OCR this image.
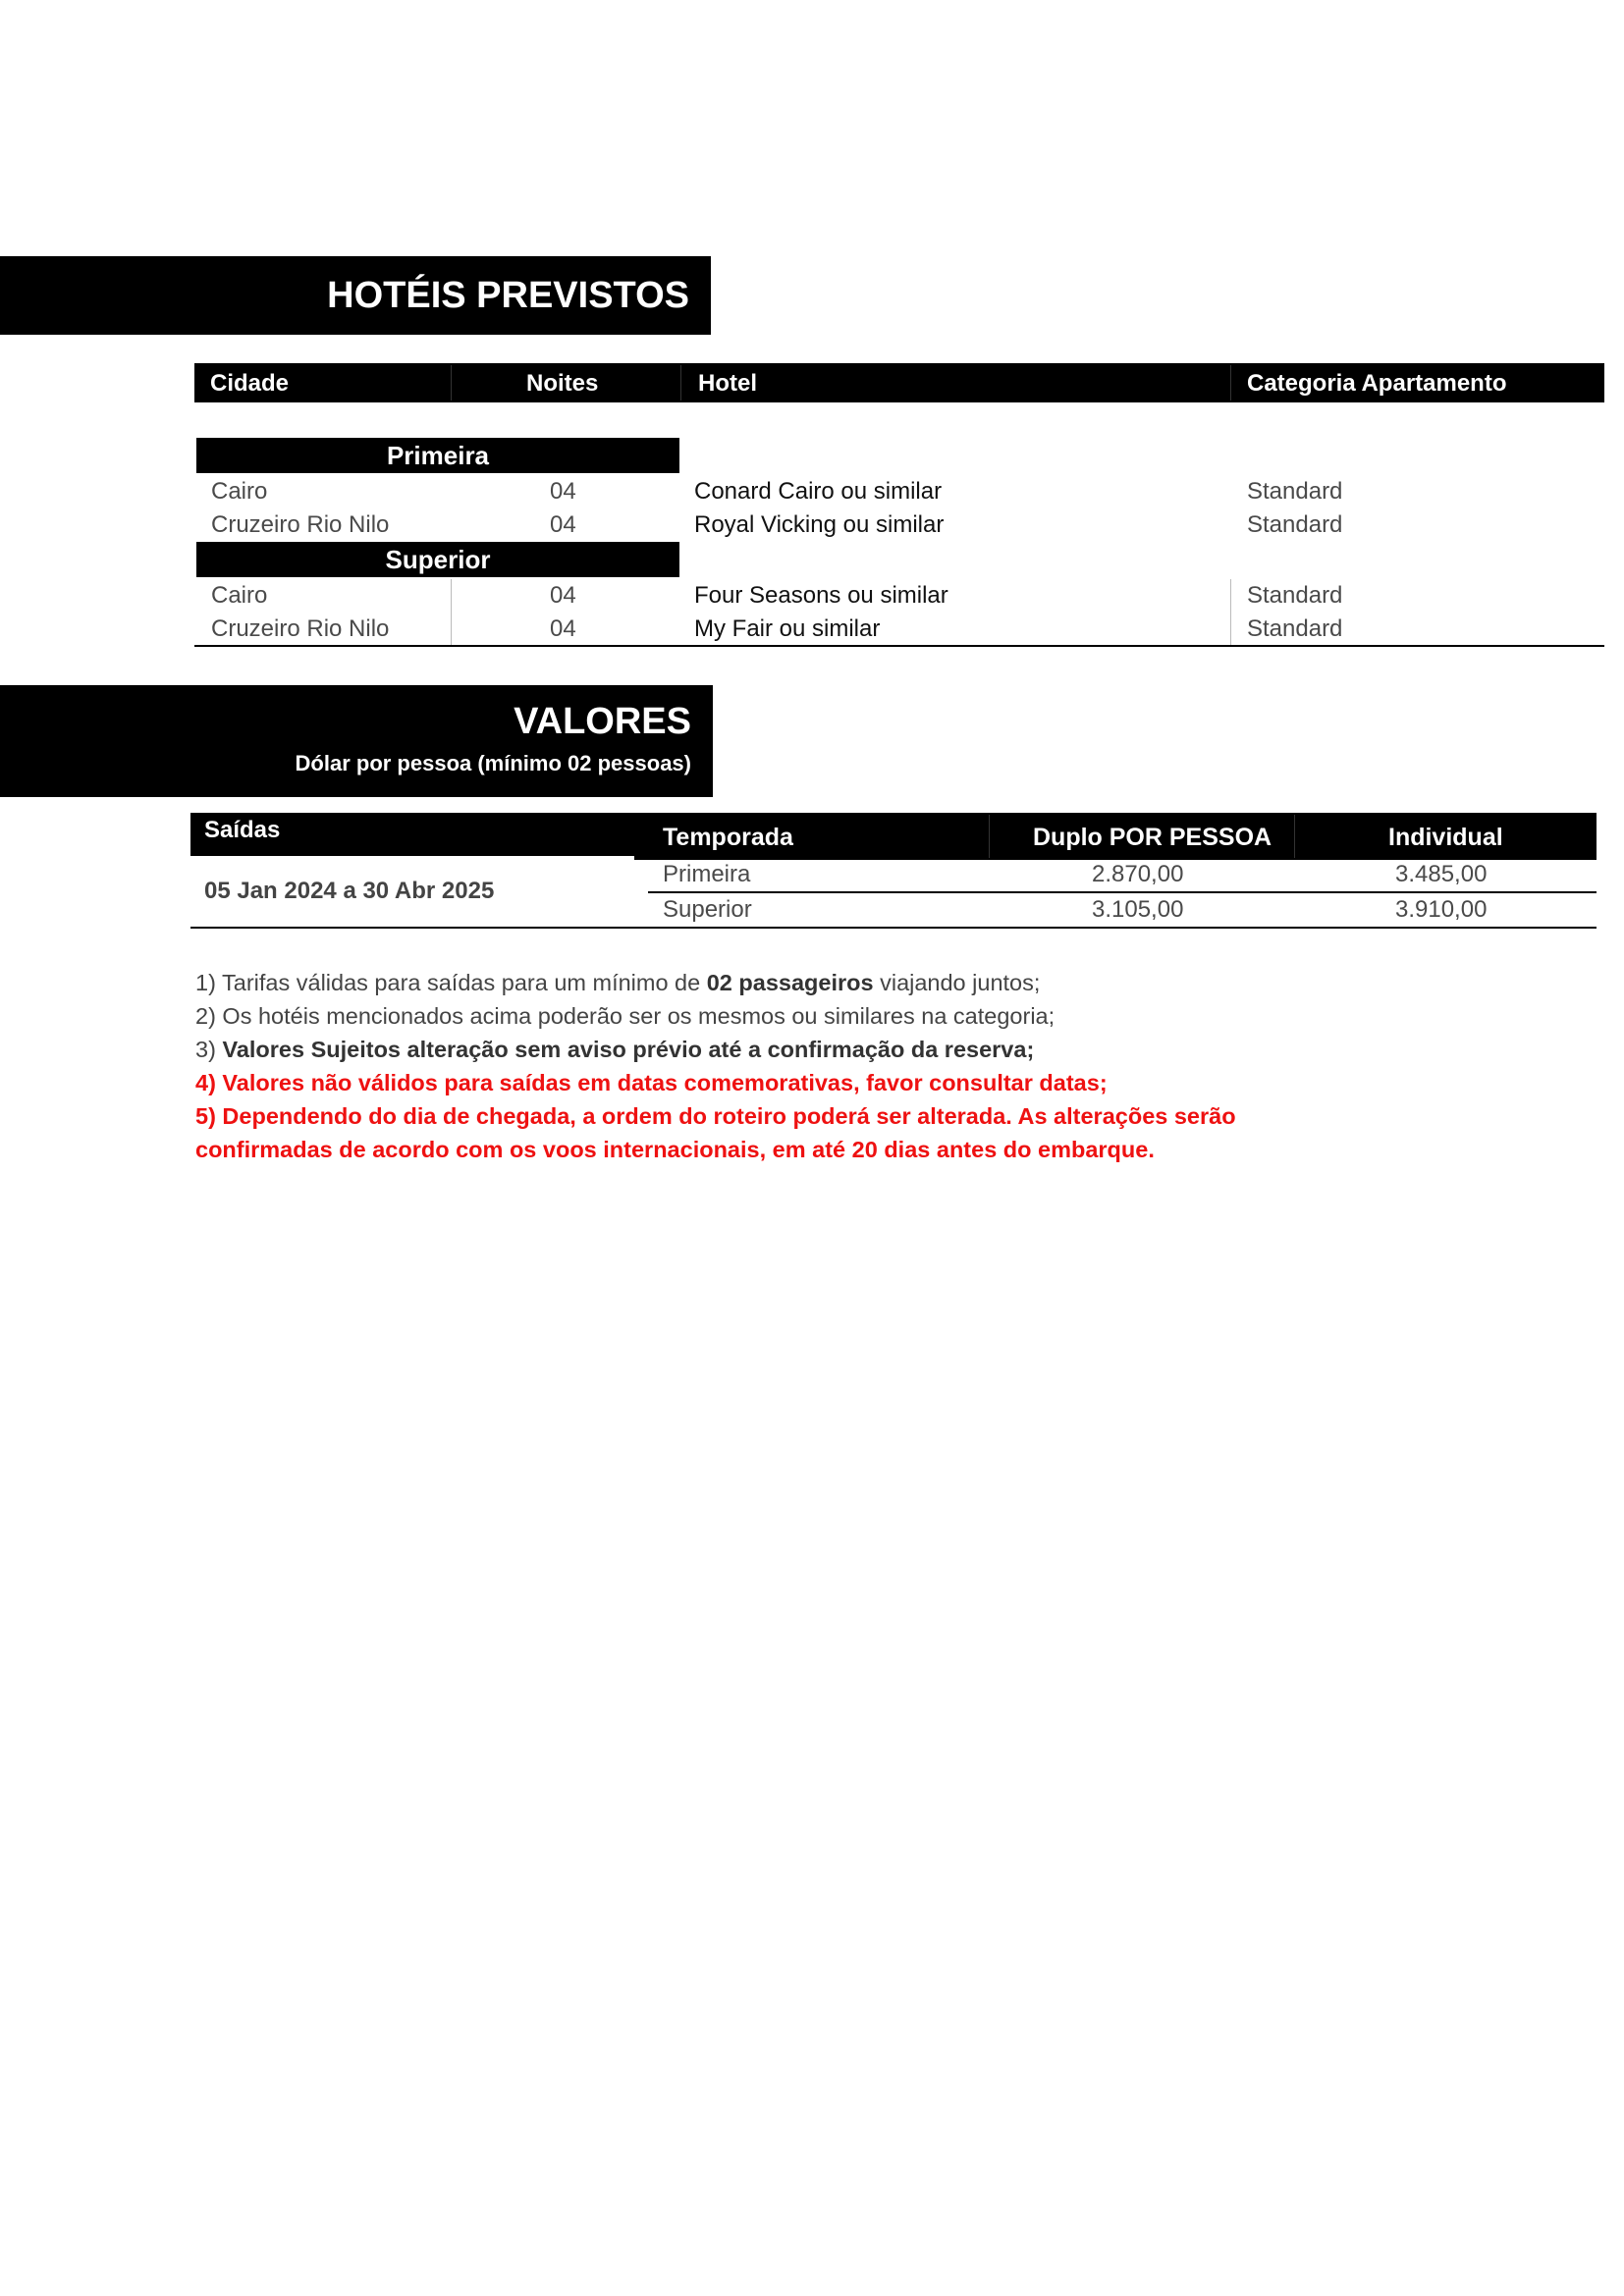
HOTÉIS PREVISTOS
Cidade	Noites	Hotel	Categoria Apartamento
Primeira
Cairo	04	Conard Cairo ou similar	Standard
Cruzeiro Rio Nilo	04	Royal Vicking ou similar	Standard
Superior
Cairo	04	Four Seasons ou similar	Standard
Cruzeiro Rio Nilo	04	My Fair ou similar	Standard
VALORES
Dólar por pessoa (mínimo 02 pessoas)
Saídas	Temporada	Duplo POR PESSOA	Individual
05 Jan 2024 a 30 Abr 2025
Primeira	2.870,00	3.485,00
Superior	3.105,00	3.910,00
1) Tarifas válidas para saídas para um mínimo de 02 passageiros viajando juntos;
2) Os hotéis mencionados acima poderão ser os mesmos ou similares na categoria;
3) Valores Sujeitos alteração sem aviso prévio até a confirmação da reserva;
4) Valores não válidos para saídas em datas comemorativas, favor consultar datas;
5) Dependendo do dia de chegada, a ordem do roteiro poderá ser alterada. As alterações serão
confirmadas de acordo com os voos internacionais, em até 20 dias antes do embarque.
